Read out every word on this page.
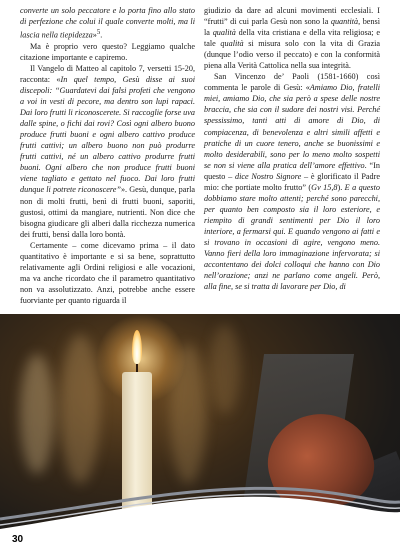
converte un solo peccatore e lo porta fino allo stato di perfezione che colui il quale converte molti, ma li lascia nella tiepidezza»$^5$.

Ma è proprio vero questo? Leggiamo qualche citazione importante e capiremo.

Il Vangelo di Matteo al capitolo 7, versetti 15-20, racconta: «In quel tempo, Gesù disse ai suoi discepoli: “Guardatevi dai falsi profeti che vengono a voi in vesti di pecore, ma dentro son lupi rapaci. Dai loro frutti li riconoscerete. Si raccoglie forse uva dalle spine, o fichi dai rovi? Così ogni albero buono produce frutti buoni e ogni albero cattivo produce frutti cattivi; un albero buono non può produrre frutti cattivi, né un albero cattivo produrre frutti buoni. Ogni albero che non produce frutti buoni viene tagliato e gettato nel fuoco. Dai loro frutti dunque li potrete riconoscere”». Gesù, dunque, parla non di molti frutti, benì di frutti buoni, saporiti, gustosi, ottimi da mangiare, nutrienti. Non dice che bisogna giudicare gli alberi dalla ricchezza numerica dei frutti, bensì dalla loro bontà.

Certamente – come dicevamo prima – il dato quantitativo è importante e si sa bene, soprattutto relativamente agli Ordini religiosi e alle vocazioni, ma va anche ricordato che il parametro quantitativo non va assolutizzato. Anzi, potrebbe anche essere fuorviante per quanto riguarda il

giudizio da dare ad alcuni movimenti ecclesiali. I “frutti” di cui parla Gesù non sono la quantità, bensì la qualità della vita cristiana e della vita religiosa; e tale qualità si misura solo con la vita di Grazia (dunque l’odio verso il peccato) e con la conformità piena alla Verità Cattolica nella sua integrità.

San Vincenzo de’ Paoli (1581-1660) così commenta le parole di Gesù: «Amiamo Dio, fratelli miei, amiamo Dio, che sia però a spese delle nostre braccia, che sia con il sudore dei nostri visi. Perché spessissimo, tanti atti di amore di Dio, di compiacenza, di benevolenza e altri simili affetti e pratiche di un cuore tenero, anche se buonissimi e molto desiderabili, sono per lo meno molto sospetti se non si viene alla pratica dell’amore effettivo. “In questo – dice Nostro Signore – è glorificato il Padre mio: che portiate molto frutto” (Gv 15,8). E a questo dobbiamo stare molto attenti; perché sono parecchi, per quanto ben composto sia il loro esteriore, e riempito di grandi sentimenti per Dio il loro interiore, a fermarsi qui. E quando vengono ai fatti e si trovano in occasioni di agire, vengono meno. Vanno fieri della loro immaginazione infervorata; si accontentano dei dolci colloqui che hanno con Dio nell’orazione; anzi ne parlano come angeli. Però, alla fine, se si tratta di lavorare per Dio, di

30
